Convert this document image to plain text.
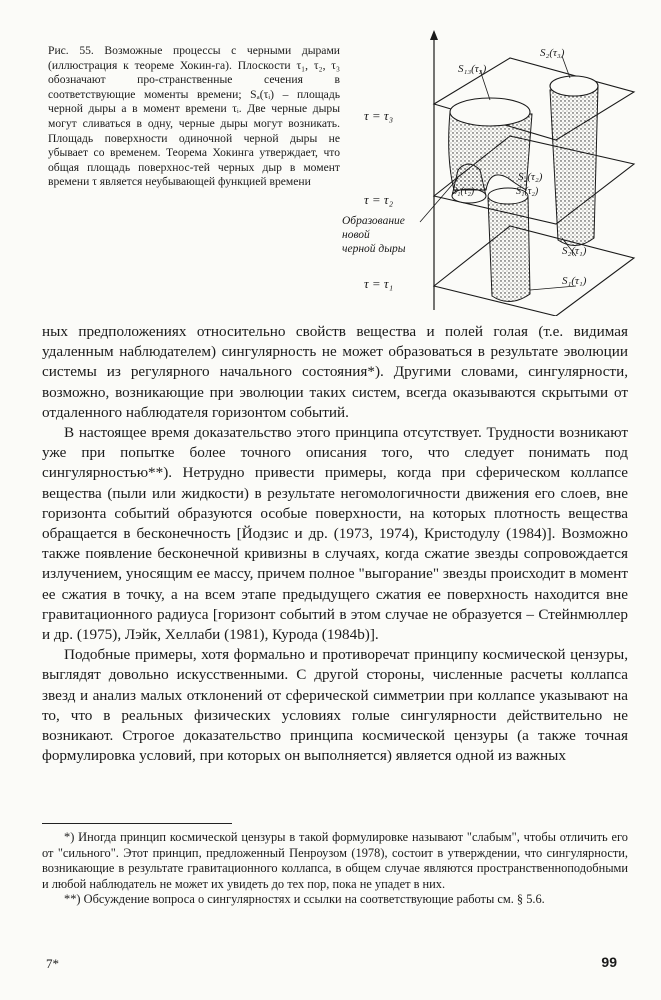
Рис. 55. Возможные процессы с черными дырами (иллюстрация к теореме Хокин-га). Плоскости τ₁, τ₂, τ₃ обозначают про-странственные сечения в соответствующие моменты времени; Sₐ(τᵢ) – площадь черной дыры a в момент времени τᵢ. Две черные дыры могут сливаться в одну, черные дыры могут возникать. Площадь поверхности одиночной черной дыры не убывает со временем. Теорема Хокинга утверждает, что общая площадь поверхнос-тей черных дыр в момент времени τ является неубывающей функцией времени

τ = τ₃
τ = τ₂
τ = τ₁
S₁₃(τ₃)
S₂(τ₃)
S₂(τ₂)
S₁(τ₂)	S₁(τ₂)
S₂(τ₁)
S₁(τ₁)
Образование
новой
черной дыры

ных предположениях относительно свойств вещества и полей голая (т.е. видимая удаленным наблюдателем) сингулярность не может образоваться в результате эволюции системы из регулярного начального состояния*). Другими словами, сингулярности, возможно, возникающие при эволюции таких систем, всегда оказываются скрытыми от отдаленного наблюдателя горизонтом событий.

В настоящее время доказательство этого принципа отсутствует. Трудности возникают уже при попытке более точного описания того, что следует понимать под сингулярностью**). Нетрудно привести примеры, когда при сферическом коллапсе вещества (пыли или жидкости) в результате негомологичности движения его слоев, вне горизонта событий образуются особые поверхности, на которых плотность вещества обращается в бесконечность [Йодзис и др. (1973, 1974), Кристодулу (1984)]. Возможно также появление бесконечной кривизны в случаях, когда сжатие звезды сопровождается излучением, уносящим ее массу, причем полное "выгорание" звезды происходит в момент ее сжатия в точку, а на всем этапе предыдущего сжатия ее поверхность находится вне гравитационного радиуса [горизонт событий в этом случае не образуется – Стейнмюллер и др. (1975), Лэйк, Хеллаби (1981), Курода (1984b)].

Подобные примеры, хотя формально и противоречат принципу космической цензуры, выглядят довольно искусственными. С другой стороны, численные расчеты коллапса звезд и анализ малых отклонений от сферической симметрии при коллапсе указывают на то, что в реальных физических условиях голые сингулярности действительно не возникают. Строгое доказательство принципа космической цензуры (а также точная формулировка условий, при которых он выполняется) является одной из важных

*) Иногда принцип космической цензуры в такой формулировке называют "слабым", чтобы отличить его от "сильного". Этот принцип, предложенный Пенроузом (1978), состоит в утверждении, что сингулярности, возникающие в результате гравитационного коллапса, в общем случае являются пространственноподобными и любой наблюдатель не может их увидеть до тех пор, пока не упадет в них.

**) Обсуждение вопроса о сингулярностях и ссылки на соответствующие работы см. § 5.6.

7*	99
